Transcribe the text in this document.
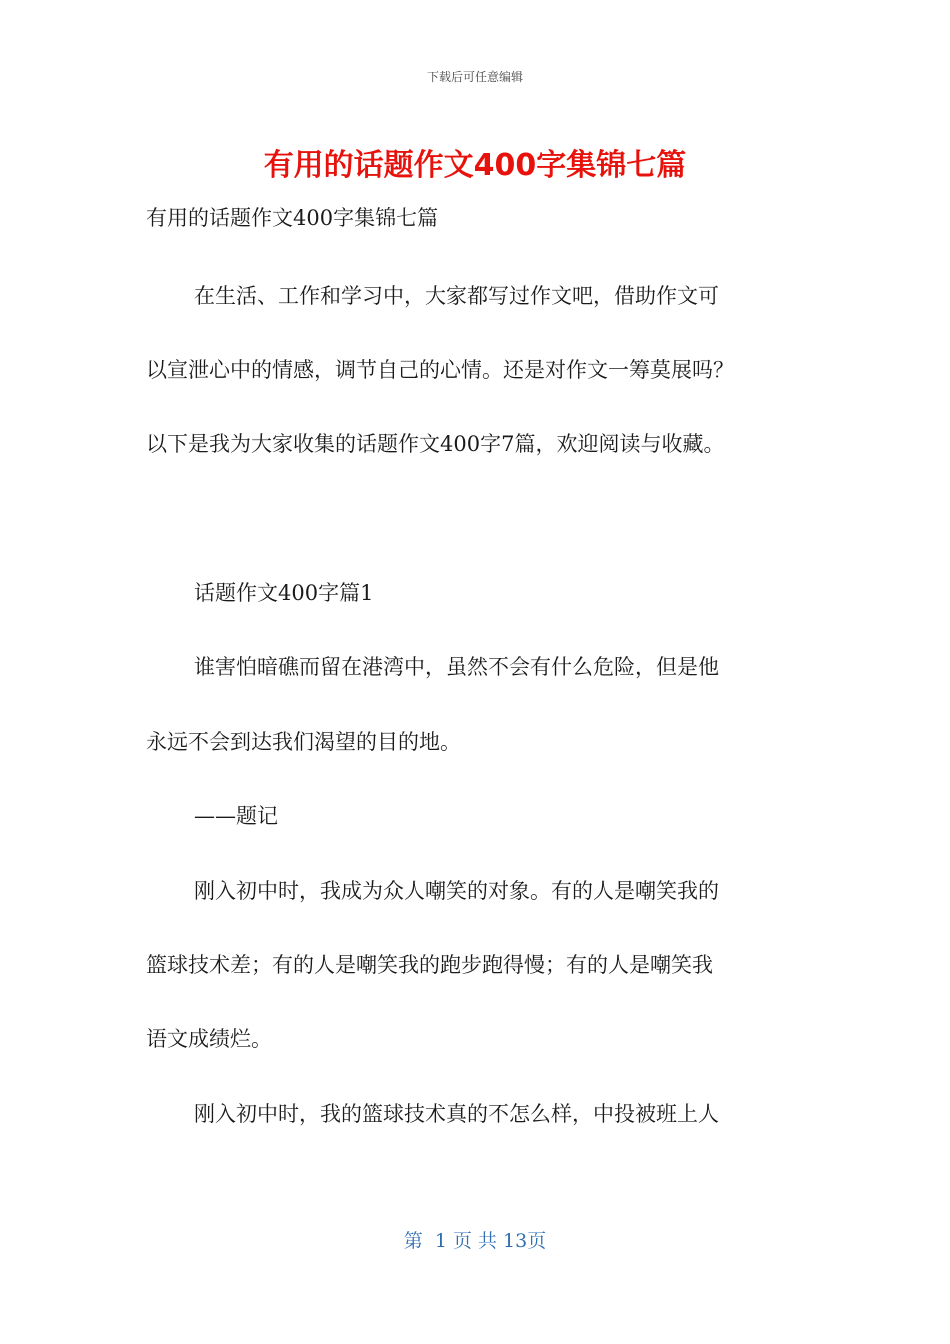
下载后可任意编辑
有用的话题作文400字集锦七篇
有用的话题作文400字集锦七篇
在生活、工作和学习中，大家都写过作文吧，借助作文可
以宣泄心中的情感，调节自己的心情。还是对作文一筹莫展吗？
以下是我为大家收集的话题作文400字7篇，欢迎阅读与收藏。
话题作文400字篇1
谁害怕暗礁而留在港湾中，虽然不会有什么危险，但是他
永远不会到达我们渴望的目的地。
——题记
刚入初中时，我成为众人嘲笑的对象。有的人是嘲笑我的
篮球技术差；有的人是嘲笑我的跑步跑得慢；有的人是嘲笑我
语文成绩烂。
刚入初中时，我的篮球技术真的不怎么样，中投被班上人
第  1 页 共 13页
